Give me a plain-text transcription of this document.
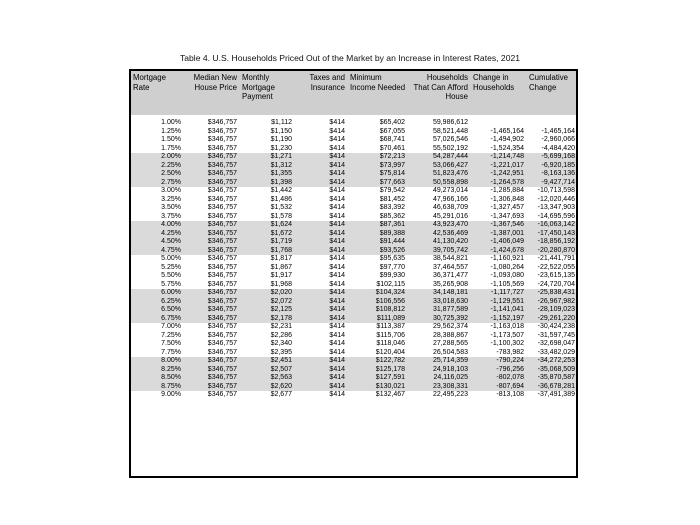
Table 4. U.S. Households Priced Out of the Market by an Increase in Interest Rates, 2021
Mortgage Rate	Median New House Price	Monthly Mortgage Payment	Taxes and Insurance	Minimum Income Needed	Households That Can Afford House	Change in Households	Cumulative Change

1.00%	$346,757	$1,112	$414	$65,402	59,986,612		
1.25%	$346,757	$1,150	$414	$67,055	58,521,448	-1,465,164	-1,465,164
1.50%	$346,757	$1,190	$414	$68,741	57,026,546	-1,494,902	-2,960,066
1.75%	$346,757	$1,230	$414	$70,461	55,502,192	-1,524,354	-4,484,420
2.00%	$346,757	$1,271	$414	$72,213	54,287,444	-1,214,748	-5,699,168
2.25%	$346,757	$1,312	$414	$73,997	53,066,427	-1,221,017	-6,920,185
2.50%	$346,757	$1,355	$414	$75,814	51,823,476	-1,242,951	-8,163,136
2.75%	$346,757	$1,398	$414	$77,663	50,558,898	-1,264,578	-9,427,714
3.00%	$346,757	$1,442	$414	$79,542	49,273,014	-1,285,884	-10,713,598
3.25%	$346,757	$1,486	$414	$81,452	47,966,166	-1,306,848	-12,020,446
3.50%	$346,757	$1,532	$414	$83,392	46,638,709	-1,327,457	-13,347,903
3.75%	$346,757	$1,578	$414	$85,362	45,291,016	-1,347,693	-14,695,596
4.00%	$346,757	$1,624	$414	$87,361	43,923,470	-1,367,546	-16,063,142
4.25%	$346,757	$1,672	$414	$89,388	42,536,469	-1,387,001	-17,450,143
4.50%	$346,757	$1,719	$414	$91,444	41,130,420	-1,406,049	-18,856,192
4.75%	$346,757	$1,768	$414	$93,526	39,705,742	-1,424,678	-20,280,870
5.00%	$346,757	$1,817	$414	$95,635	38,544,821	-1,160,921	-21,441,791
5.25%	$346,757	$1,867	$414	$97,770	37,464,557	-1,080,264	-22,522,055
5.50%	$346,757	$1,917	$414	$99,930	36,371,477	-1,093,080	-23,615,135
5.75%	$346,757	$1,968	$414	$102,115	35,265,908	-1,105,569	-24,720,704
6.00%	$346,757	$2,020	$414	$104,324	34,148,181	-1,117,727	-25,838,431
6.25%	$346,757	$2,072	$414	$106,556	33,018,630	-1,129,551	-26,967,982
6.50%	$346,757	$2,125	$414	$108,812	31,877,589	-1,141,041	-28,109,023
6.75%	$346,757	$2,178	$414	$111,089	30,725,392	-1,152,197	-29,261,220
7.00%	$346,757	$2,231	$414	$113,387	29,562,374	-1,163,018	-30,424,238
7.25%	$346,757	$2,286	$414	$115,706	28,388,867	-1,173,507	-31,597,745
7.50%	$346,757	$2,340	$414	$118,046	27,288,565	-1,100,302	-32,698,047
7.75%	$346,757	$2,395	$414	$120,404	26,504,583	-783,982	-33,482,029
8.00%	$346,757	$2,451	$414	$122,782	25,714,359	-790,224	-34,272,253
8.25%	$346,757	$2,507	$414	$125,178	24,918,103	-796,256	-35,068,509
8.50%	$346,757	$2,563	$414	$127,591	24,116,025	-802,078	-35,870,587
8.75%	$346,757	$2,620	$414	$130,021	23,308,331	-807,694	-36,678,281
9.00%	$346,757	$2,677	$414	$132,467	22,495,223	-813,108	-37,491,389
